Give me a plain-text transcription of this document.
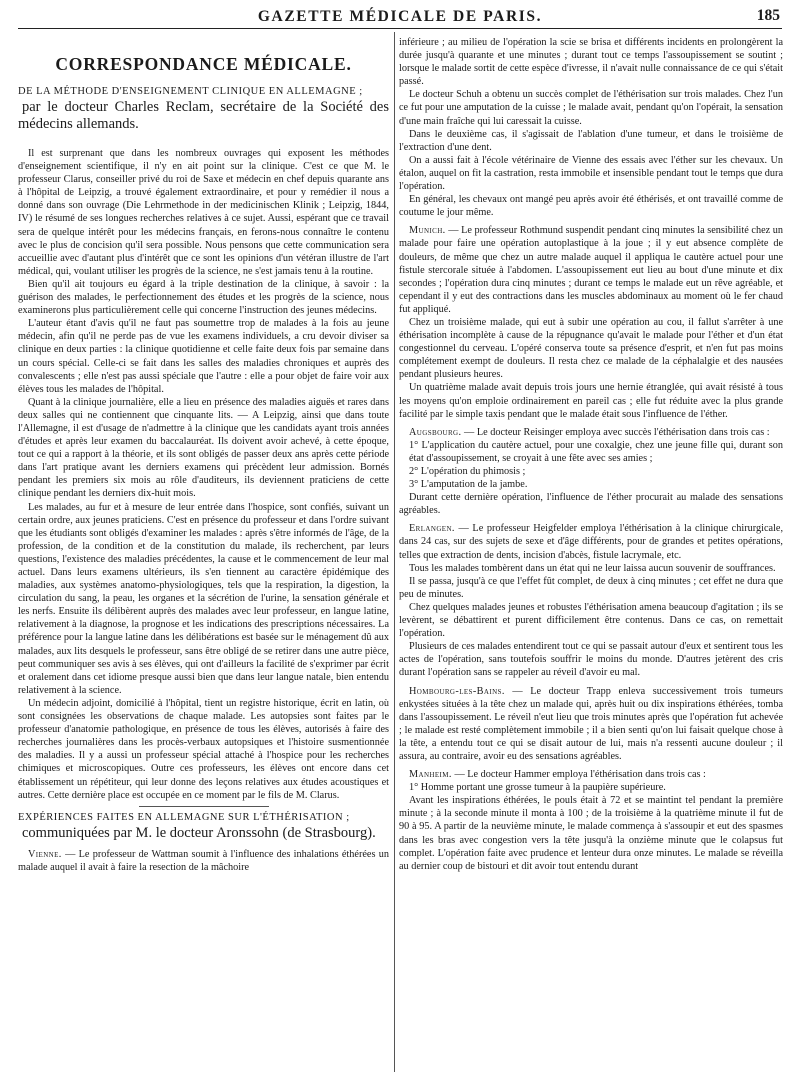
GAZETTE MÉDICALE DE PARIS.	185
CORRESPONDANCE MÉDICALE.

DE LA MÉTHODE D'ENSEIGNEMENT CLINIQUE EN ALLEMAGNE ;

par le docteur Charles Reclam, secrétaire de la Société des médecins allemands.

Il est surprenant que dans les nombreux ouvrages qui exposent les méthodes d'enseignement scientifique, il n'y en ait point sur la clinique. C'est ce que M. le professeur Clarus, conseiller privé du roi de Saxe et médecin en chef depuis quarante ans à l'hôpital de Leipzig, a trouvé également extraordinaire, et pour y remédier il nous a donné dans son ouvrage (Die Lehrmethode in der medicinischen Klinik ; Leipzig, 1844, IV) le résumé de ses longues recherches relatives à ce sujet. Aussi, espérant que ce travail sera de quelque intérêt pour les médecins français, en ferons-nous connaître le contenu avec le plus de concision qu'il sera possible. Nous pensons que cette communication sera accueillie avec d'autant plus d'intérêt que ce sont les opinions d'un vétéran illustre de l'art médical, qui, voulant utiliser les progrès de la science, ne s'est jamais tenu à la routine.

Bien qu'il ait toujours eu égard à la triple destination de la clinique, à savoir : la guérison des malades, le perfectionnement des études et les progrès de la science, nous examinerons plus particulièrement celle qui concerne l'instruction des jeunes médecins.

L'auteur étant d'avis qu'il ne faut pas soumettre trop de malades à la fois au jeune médecin, afin qu'il ne perde pas de vue les examens individuels, a cru devoir diviser sa clinique en deux parties : la clinique quotidienne et celle faite deux fois par semaine dans un cours spécial. Celle-ci se fait dans les salles des maladies chroniques et auprès des convalescents ; elle n'est pas aussi spéciale que l'autre : elle a pour objet de faire voir aux élèves tous les malades de l'hôpital.

Quant à la clinique journalière, elle a lieu en présence des maladies aiguës et rares dans deux salles qui ne contiennent que cinquante lits. — A Leipzig, ainsi que dans toute l'Allemagne, il est d'usage de n'admettre à la clinique que les candidats ayant trois années d'études et après leur examen du baccalauréat. Ils doivent avoir achevé, à cette époque, tout ce qui a rapport à la théorie, et ils sont obligés de passer deux ans après cette période dans l'art pratique avant les derniers examens qui précèdent leur admission. Bornés pendant les premiers six mois au rôle d'auditeurs, ils deviennent praticiens de cette clinique pendant les derniers dix-huit mois.

Les malades, au fur et à mesure de leur entrée dans l'hospice, sont confiés, suivant un certain ordre, aux jeunes praticiens. C'est en présence du professeur et dans l'ordre suivant que les étudiants sont obligés d'examiner les malades : après s'être informés de l'âge, de la profession, de la condition et de la constitution du malade, ils recherchent, par leurs questions, l'existence des maladies précédentes, la cause et le commencement de leur mal actuel. Dans leurs examens ultérieurs, ils s'en tiennent au caractère épidémique des maladies, aux systèmes anatomo-physiologiques, tels que la respiration, la digestion, la circulation du sang, la peau, les organes et la sécrétion de l'urine, la sensation générale et les nerfs. Ensuite ils délibèrent auprès des malades avec leur professeur, en langue latine, relativement à la diagnose, la prognose et les indications des prescriptions nécessaires. La préférence pour la langue latine dans les délibérations est basée sur le ménagement dû aux malades, aux lits desquels le professeur, sans être obligé de se retirer dans une autre pièce, peut communiquer ses avis à ses élèves, qui ont d'ailleurs la facilité de s'exprimer par écrit et oralement dans cet idiome presque aussi bien que dans leur langue natale, bien entendu relativement à la science.

Un médecin adjoint, domicilié à l'hôpital, tient un registre historique, écrit en latin, où sont consignées les observations de chaque malade. Les autopsies sont faites par le professeur d'anatomie pathologique, en présence de tous les élèves, autorisés à faire des recherches journalières dans les procès-verbaux autopsiques et l'histoire susmentionnée des maladies. Il y a aussi un professeur spécial attaché à l'hospice pour les recherches chimiques et microscopiques. Outre ces professeurs, les élèves ont encore dans cet établissement un répétiteur, qui leur donne des leçons relatives aux études acoustiques et autres. Cette dernière place est occupée en ce moment par le fils de M. Clarus.

EXPÉRIENCES FAITES EN ALLEMAGNE SUR L'ÉTHÉRISATION ;

communiquées par M. le docteur Aronssohn (de Strasbourg).

Vienne. — Le professeur de Wattman soumit à l'influence des inhalations éthérées un malade auquel il avait à faire la resection de la mâchoire

inférieure ; au milieu de l'opération la scie se brisa et différents incidents en prolongèrent la durée jusqu'à quarante et une minutes ; durant tout ce temps l'assoupissement se soutint ; lorsque le malade sortit de cette espèce d'ivresse, il n'avait nulle connaissance de ce qui s'était passé.

Le docteur Schuh a obtenu un succès complet de l'éthérisation sur trois malades. Chez l'un ce fut pour une amputation de la cuisse ; le malade avait, pendant qu'on l'opérait, la sensation d'une main fraîche qui lui caressait la cuisse.

Dans le deuxième cas, il s'agissait de l'ablation d'une tumeur, et dans le troisième de l'extraction d'une dent.

On a aussi fait à l'école vétérinaire de Vienne des essais avec l'éther sur les chevaux. Un étalon, auquel on fit la castration, resta immobile et insensible pendant tout le temps que dura l'opération.

En général, les chevaux ont mangé peu après avoir été éthérisés, et ont travaillé comme de coutume le jour même.

Munich. — Le professeur Rothmund suspendit pendant cinq minutes la sensibilité chez un malade pour faire une opération autoplastique à la joue ; il y eut absence complète de douleurs, de même que chez un autre malade auquel il appliqua le cautère actuel pour une fistule stercorale située à l'abdomen. L'assoupissement eut lieu au bout d'une minute et dix secondes ; l'opération dura cinq minutes ; durant ce temps le malade eut un rêve agréable, et cependant il y eut des contractions dans les muscles abdominaux au moment où le fer chaud fut appliqué.

Chez un troisième malade, qui eut à subir une opération au cou, il fallut s'arrêter à une éthérisation incomplète à cause de la répugnance qu'avait le malade pour l'éther et d'un état congestionnel du cerveau. L'opéré conserva toute sa présence d'esprit, et n'en fut pas moins complétement exempt de douleurs. Il resta chez ce malade de la céphalalgie et des nausées pendant plusieurs heures.

Un quatrième malade avait depuis trois jours une hernie étranglée, qui avait résisté à tous les moyens qu'on emploie ordinairement en pareil cas ; elle fut réduite avec la plus grande facilité par le simple taxis pendant que le malade était sous l'influence de l'éther.

Augsbourg. — Le docteur Reisinger employa avec succès l'éthérisation dans trois cas :

1° L'application du cautère actuel, pour une coxalgie, chez une jeune fille qui, durant son état d'assoupissement, se croyait à une fête avec ses amies ;

2° L'opération du phimosis ;

3° L'amputation de la jambe.

Durant cette dernière opération, l'influence de l'éther procurait au malade des sensations agréables.

Erlangen. — Le professeur Heigfelder employa l'éthérisation à la clinique chirurgicale, dans 24 cas, sur des sujets de sexe et d'âge différents, pour de grandes et petites opérations, telles que extraction de dents, incision d'abcès, fistule lacrymale, etc.

Tous les malades tombèrent dans un état qui ne leur laissa aucun souvenir de souffrances.

Il se passa, jusqu'à ce que l'effet fût complet, de deux à cinq minutes ; cet effet ne dura que peu de minutes.

Chez quelques malades jeunes et robustes l'éthérisation amena beaucoup d'agitation ; ils se levèrent, se débattirent et purent difficilement être contenus. Dans ce cas, on remettait l'opération.

Plusieurs de ces malades entendirent tout ce qui se passait autour d'eux et sentirent tous les actes de l'opération, sans toutefois souffrir le moins du monde. D'autres jetèrent des cris durant l'opération sans se rappeler au réveil d'avoir eu mal.

Hombourg-les-Bains. — Le docteur Trapp enleva successivement trois tumeurs enkystées situées à la tête chez un malade qui, après huit ou dix inspirations éthérées, tomba dans l'assoupissement. Le réveil n'eut lieu que trois minutes après que l'opération fut achevée ; le malade est resté complètement immobile ; il a bien senti qu'on lui faisait quelque chose à la tête, a entendu tout ce qui se disait autour de lui, mais n'a ressenti aucune douleur ; il assura, au contraire, avoir eu des sensations agréables.

Manheim. — Le docteur Hammer employa l'éthérisation dans trois cas :

1° Homme portant une grosse tumeur à la paupière supérieure.

Avant les inspirations éthérées, le pouls était à 72 et se maintint tel pendant la première minute ; à la seconde minute il monta à 100 ; de la troisième à la quatrième minute il fut de 90 à 95. A partir de la neuvième minute, le malade commença à s'assoupir et eut des spasmes dans les bras avec congestion vers la tête jusqu'à la onzième minute que le colapsus fut complet. L'opération faite avec prudence et lenteur dura onze minutes. Le malade se réveilla au dernier coup de bistouri et dit avoir tout entendu durant
